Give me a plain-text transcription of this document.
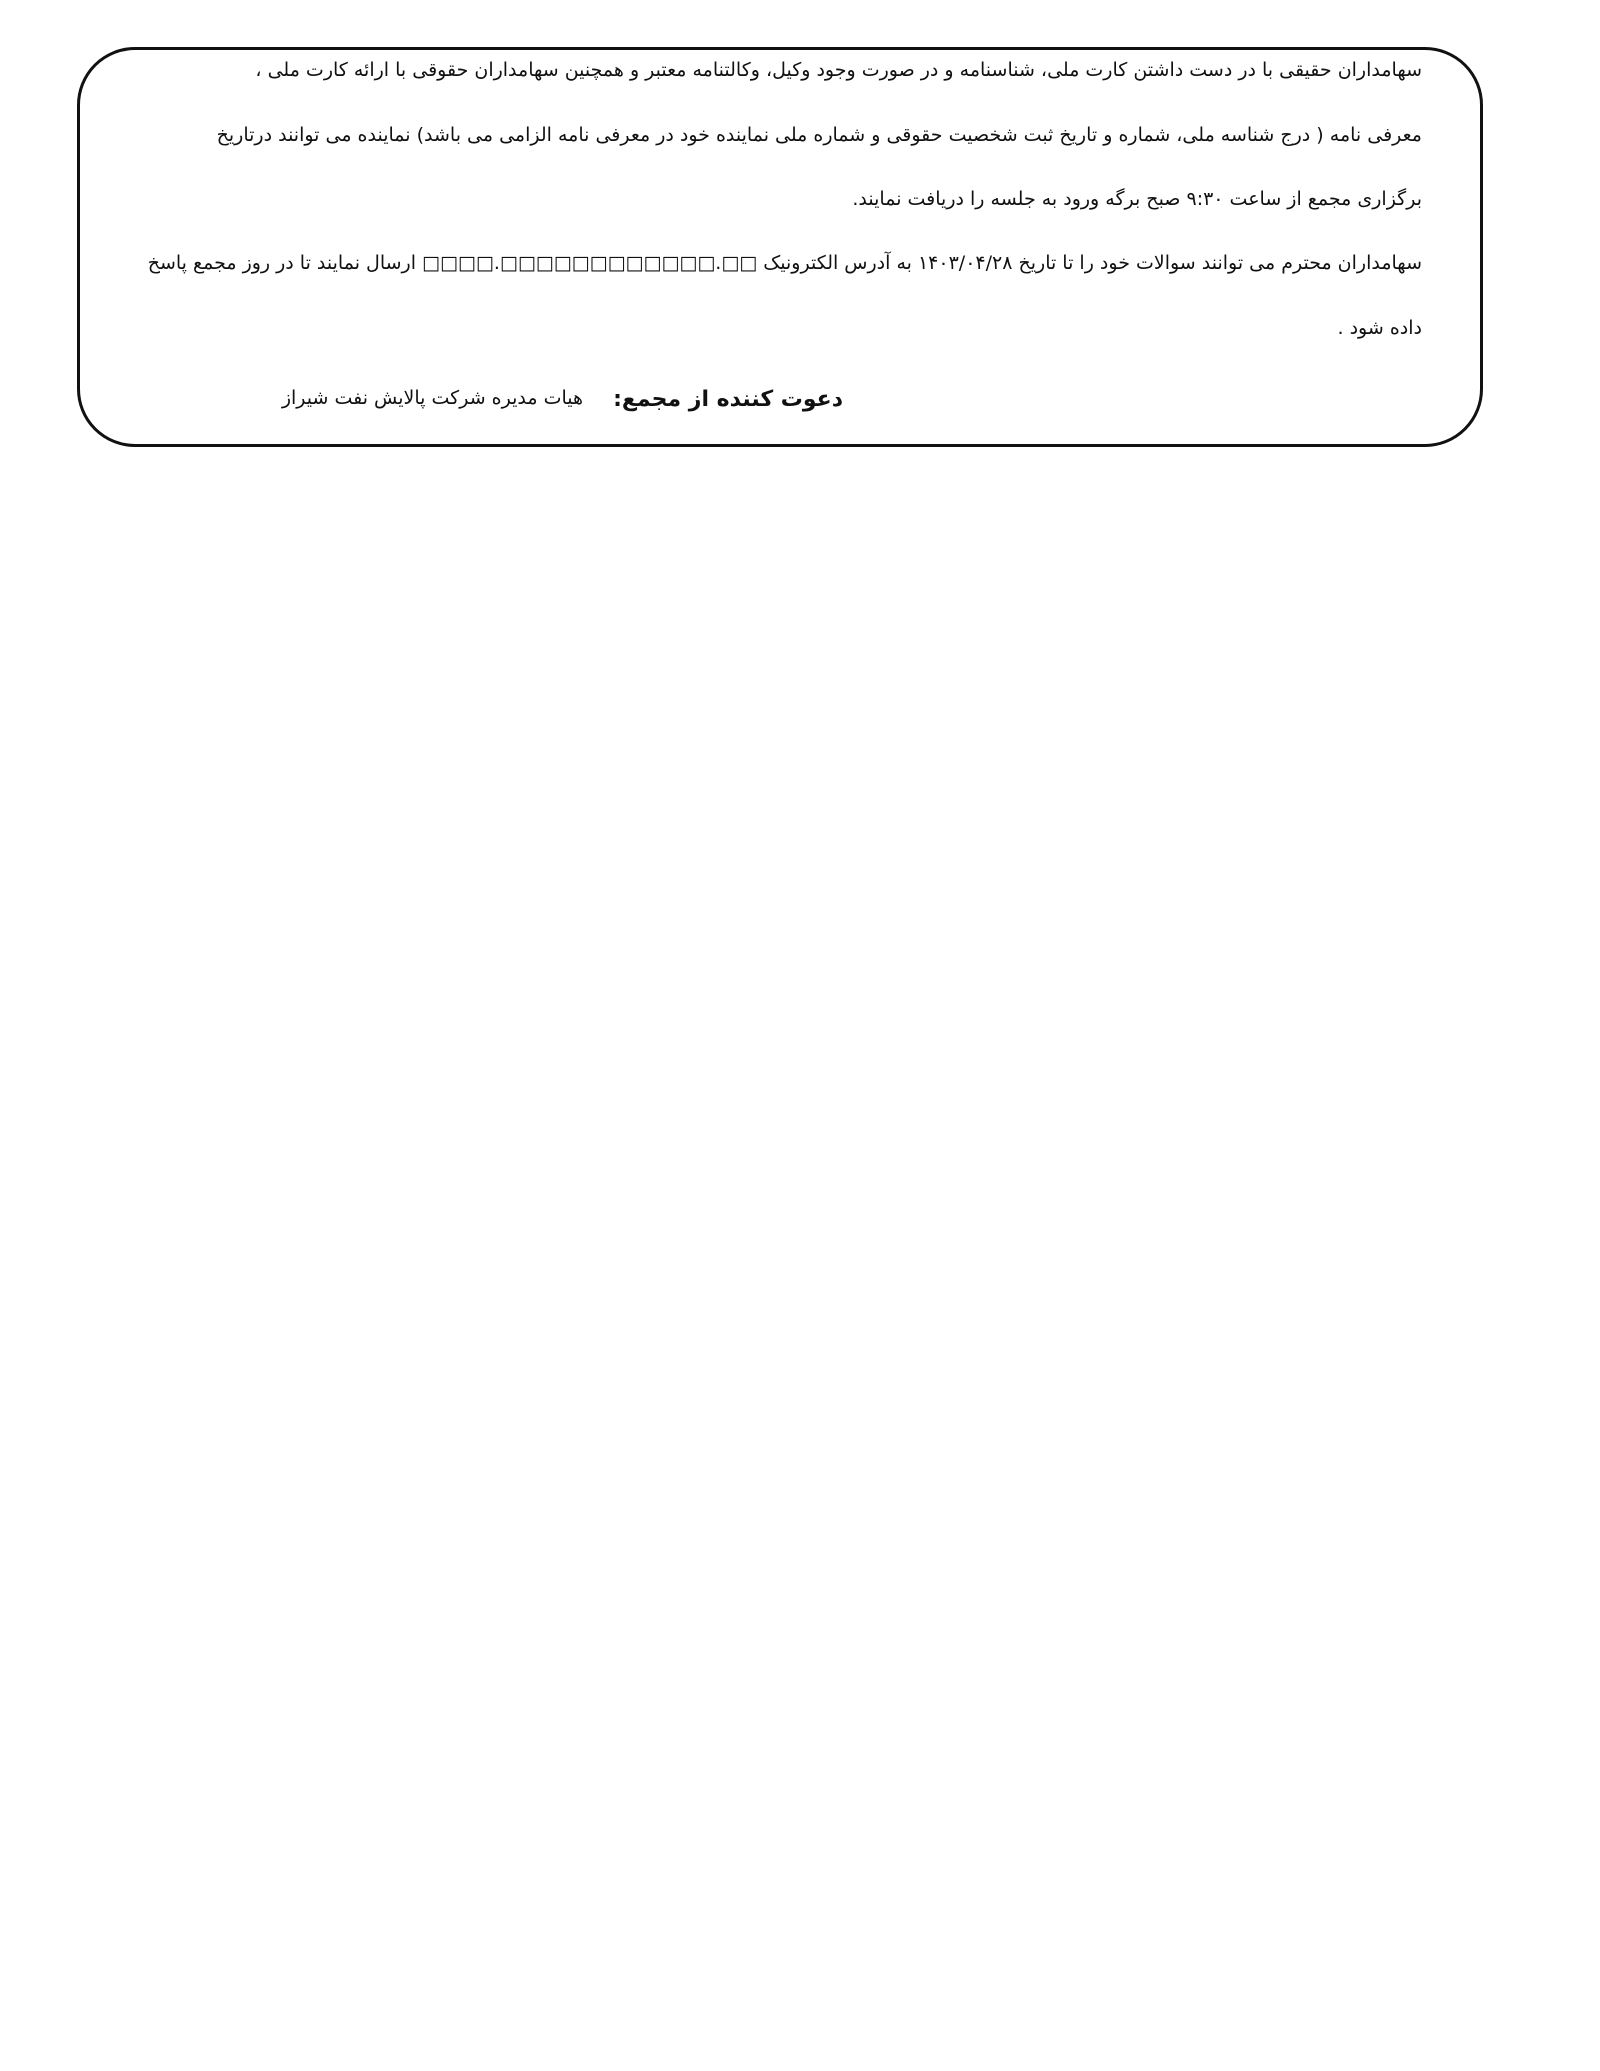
سهامداران حقیقی با در دست داشتن کارت ملی، شناسنامه و در صورت وجود وکیل، وکالتنامه معتبر و همچنین سهامداران حقوقی با ارائه کارت ملی ،
معرفی نامه ( درج شناسه ملی، شماره و تاریخ ثبت شخصیت حقوقی و شماره ملی نماینده خود در معرفی نامه الزامی می باشد) نماینده می توانند درتاریخ
برگزاری مجمع از ساعت ۹:۳۰ صبح برگه ورود به جلسه را دریافت نمایند.
سهامداران محترم می توانند سوالات خود را تا تاریخ ۱۴۰۳/۰۴/۲۸ به آدرس الکترونیک □□.□□□□□□□□□□□□.□□□□ ارسال نمایند تا در روز مجمع پاسخ
داده شود .
دعوت کننده از مجمع:
هیات مدیره شرکت پالایش نفت شیراز
